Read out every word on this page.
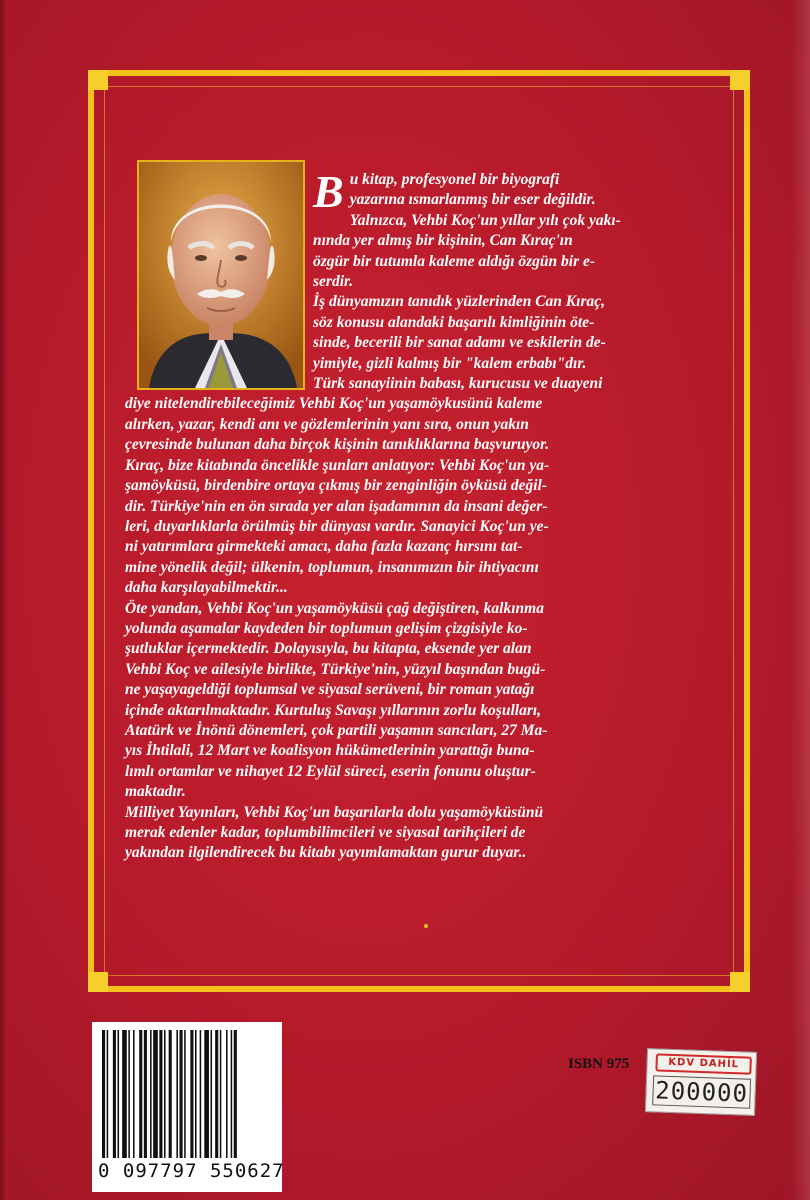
B u kitap, profesyonel bir biyografi
yazarına ısmarlanmış bir eser değildir.
Yalnızca, Vehbi Koç'un yıllar yılı çok yakı-
nında yer almış bir kişinin, Can Kıraç'ın
özgür bir tutumla kaleme aldığı özgün bir e-
serdir.
İş dünyamızın tanıdık yüzlerinden Can Kıraç,
söz konusu alandaki başarılı kimliğinin öte-
sinde, becerili bir sanat adamı ve eskilerin de-
yimiyle, gizli kalmış bir "kalem erbabı"dır.
Türk sanayiinin babası, kurucusu ve duayeni
diye nitelendirebileceğimiz Vehbi Koç'un yaşamöykusünü kaleme
alırken, yazar, kendi anı ve gözlemlerinin yanı sıra, onun yakın
çevresinde bulunan daha birçok kişinin tanıklıklarına başvuruyor.
Kıraç, bize kitabında öncelikle şunları anlatıyor: Vehbi Koç'un ya-
şamöyküsü, birdenbire ortaya çıkmış bir zenginliğin öyküsü değil-
dir. Türkiye'nin en ön sırada yer alan işadamının da insani değer-
leri, duyarlıklarla örülmüş bir dünyası vardır. Sanayici Koç'un ye-
ni yatırımlara girmekteki amacı, daha fazla kazanç hırsını tat-
mine yönelik değil; ülkenin, toplumun, insanımızın bir ihtiyacını
daha karşılayabilmektir...
Öte yandan, Vehbi Koç'un yaşamöyküsü çağ değiştiren, kalkınma
yolunda aşamalar kaydeden bir toplumun gelişim çizgisiyle ko-
şutluklar içermektedir. Dolayısıyla, bu kitapta, eksende yer alan
Vehbi Koç ve ailesiyle birlikte, Türkiye'nin, yüzyıl başından bugü-
ne yaşayageldiği toplumsal ve siyasal serüveni, bir roman yatağı
içinde aktarılmaktadır. Kurtuluş Savaşı yıllarının zorlu koşulları,
Atatürk ve İnönü dönemleri, çok partili yaşamın sancıları, 27 Ma-
yıs İhtilali, 12 Mart ve koalisyon hükümetlerinin yarattığı buna-
lımlı ortamlar ve nihayet 12 Eylül süreci, eserin fonunu oluştur-
maktadır.
Milliyet Yayınları, Vehbi Koç'un başarılarla dolu yaşamöyküsünü
merak edenler kadar, toplumbilimcileri ve siyasal tarihçileri de
yakından ilgilendirecek bu kitabı yayımlamaktan gurur duyar..
0 097797 550627
ISBN 975	KDV DAHİL
200000
